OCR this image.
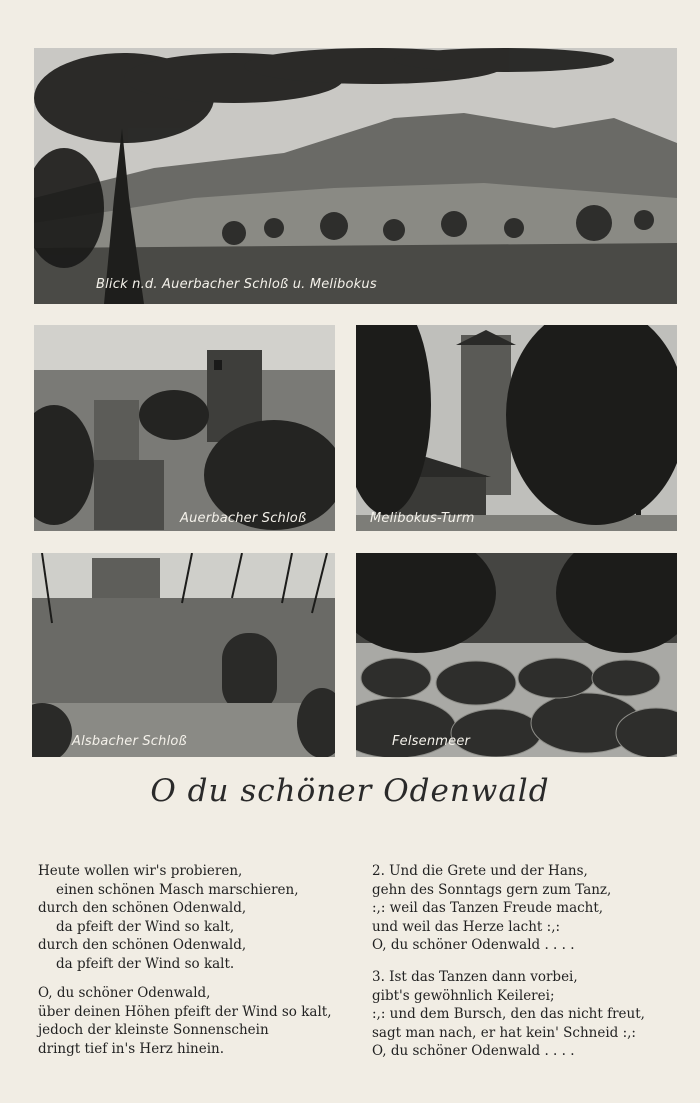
Blick n.d. Auerbacher Schloß u. Melibokus
Auerbacher Schloß	Melibokus-Turm
Alsbacher Schloß	Felsenmeer
O du schöner Odenwald
Heute wollen wir's probieren,
einen schönen Masch marschieren,
durch den schönen Odenwald,
da pfeift der Wind so kalt,
durch den schönen Odenwald,
da pfeift der Wind so kalt.
O, du schöner Odenwald,
über deinen Höhen pfeift der Wind so kalt,
jedoch der kleinste Sonnenschein
dringt tief in's Herz hinein.
2. Und die Grete und der Hans,
gehn des Sonntags gern zum Tanz,
:,: weil das Tanzen Freude macht,
und weil das Herze lacht :,:
O, du schöner Odenwald . . . .
3. Ist das Tanzen dann vorbei,
gibt's gewöhnlich Keilerei;
:,: und dem Bursch, den das nicht freut,
sagt man nach, er hat kein' Schneid :,:
O, du schöner Odenwald . . . .
